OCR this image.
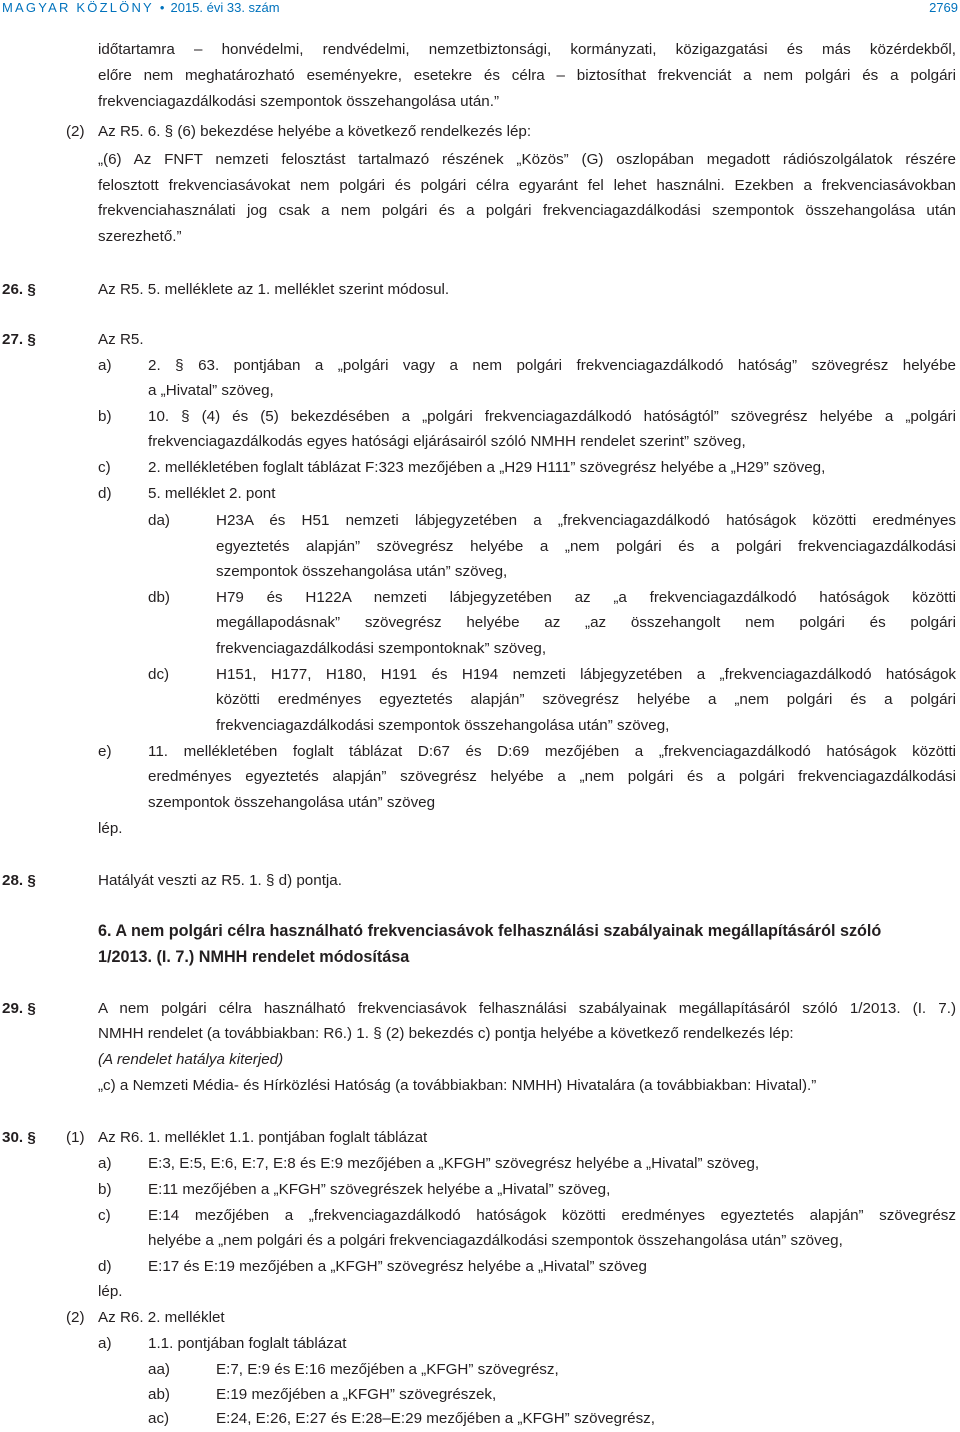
MAGYAR KÖZLÖNY • 2015. évi 33. szám	2769
időtartamra – honvédelmi, rendvédelmi, nemzetbiztonsági, kormányzati, közigazgatási és más közérdekből,
előre nem meghatározható eseményekre, esetekre és célra – biztosíthat frekvenciát a nem polgári és a polgári
frekvenciagazdálkodási szempontok összehangolása után.”
(2) Az R5. 6. § (6) bekezdése helyébe a következő rendelkezés lép:
„(6) Az FNFT nemzeti felosztást tartalmazó részének „Közös” (G) oszlopában megadott rádiószolgálatok részére
felosztott frekvenciasávokat nem polgári és polgári célra egyaránt fel lehet használni. Ezekben a frekvenciasávokban
frekvenciahasználati jog csak a nem polgári és a polgári frekvenciagazdálkodási szempontok összehangolása után
szerezhető.”
26. §	Az R5. 5. melléklete az 1. melléklet szerint módosul.
27. §	Az R5.
a) 2. § 63. pontjában a „polgári vagy a nem polgári frekvenciagazdálkodó hatóság” szövegrész helyébe
a „Hivatal” szöveg,
b) 10. § (4) és (5) bekezdésében a „polgári frekvenciagazdálkodó hatóságtól” szövegrész helyébe a „polgári
frekvenciagazdálkodás egyes hatósági eljárásairól szóló NMHH rendelet szerint” szöveg,
c) 2. mellékletében foglalt táblázat F:323 mezőjében a „H29 H111” szövegrész helyébe a „H29” szöveg,
d) 5. melléklet 2. pont
da)	H23A és H51 nemzeti lábjegyzetében a „frekvenciagazdálkodó hatóságok közötti eredményes
egyeztetés alapján” szövegrész helyébe a „nem polgári és a polgári frekvenciagazdálkodási
szempontok összehangolása után” szöveg,
db)	H79 és H122A nemzeti lábjegyzetében az „a frekvenciagazdálkodó hatóságok közötti
megállapodásnak” szövegrész helyébe az „az összehangolt nem polgári és polgári
frekvenciagazdálkodási szempontoknak” szöveg,
dc)	H151, H177, H180, H191 és H194 nemzeti lábjegyzetében a „frekvenciagazdálkodó hatóságok
közötti eredményes egyeztetés alapján” szövegrész helyébe a „nem polgári és a polgári
frekvenciagazdálkodási szempontok összehangolása után” szöveg,
e) 11. mellékletében foglalt táblázat D:67 és D:69 mezőjében a „frekvenciagazdálkodó hatóságok közötti
eredményes egyeztetés alapján” szövegrész helyébe a „nem polgári és a polgári frekvenciagazdálkodási
szempontok összehangolása után” szöveg
lép.
28. §	Hatályát veszti az R5. 1. § d) pontja.
6. A nem polgári célra használható frekvenciasávok felhasználási szabályainak megállapításáról szóló
1/2013. (I. 7.) NMHH rendelet módosítása
29. §	A nem polgári célra használható frekvenciasávok felhasználási szabályainak megállapításáról szóló 1/2013. (I. 7.)
NMHH rendelet (a továbbiakban: R6.) 1. § (2) bekezdés c) pontja helyébe a következő rendelkezés lép:
(A rendelet hatálya kiterjed)
„c) a Nemzeti Média- és Hírközlési Hatóság (a továbbiakban: NMHH) Hivatalára (a továbbiakban: Hivatal).”
30. § (1) Az R6. 1. melléklet 1.1. pontjában foglalt táblázat
a) E:3, E:5, E:6, E:7, E:8 és E:9 mezőjében a „KFGH” szövegrész helyébe a „Hivatal” szöveg,
b) E:11 mezőjében a „KFGH” szövegrészek helyébe a „Hivatal” szöveg,
c) E:14 mezőjében a „frekvenciagazdálkodó hatóságok közötti eredményes egyeztetés alapján” szövegrész
helyébe a „nem polgári és a polgári frekvenciagazdálkodási szempontok összehangolása után” szöveg,
d) E:17 és E:19 mezőjében a „KFGH” szövegrész helyébe a „Hivatal” szöveg
lép.
(2) Az R6. 2. melléklet
a) 1.1. pontjában foglalt táblázat
aa)	E:7, E:9 és E:16 mezőjében a „KFGH” szövegrész,
ab)	E:19 mezőjében a „KFGH” szövegrészek,
ac)	E:24, E:26, E:27 és E:28–E:29 mezőjében a „KFGH” szövegrész,
